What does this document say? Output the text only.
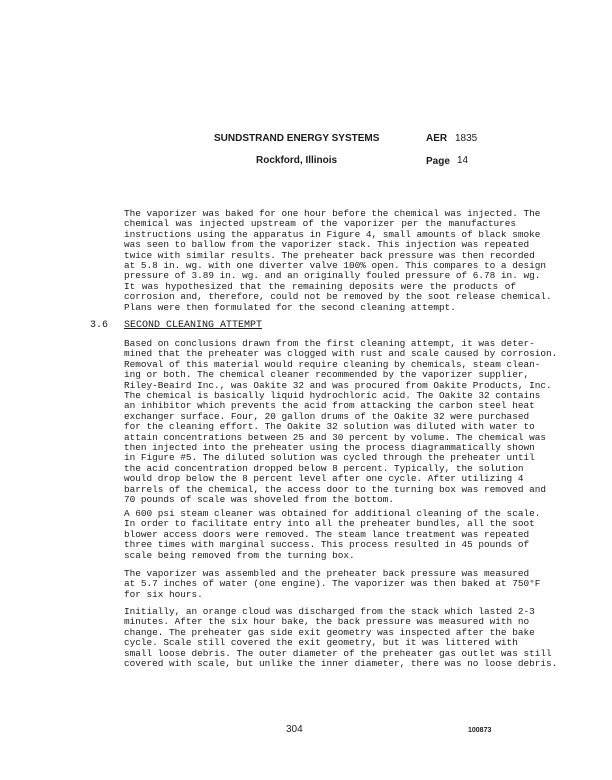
SUNDSTRAND ENERGY SYSTEMS	AER 1835
Rockford, Illinois	Page 14
The vaporizer was baked for one hour before the chemical was injected. The
chemical was injected upstream of the vaporizer per the manufactures
instructions using the apparatus in Figure 4, small amounts of black smoke
was seen to ballow from the vaporizer stack. This injection was repeated
twice with similar results. The preheater back pressure was then recorded
at 5.8 in. wg. with one diverter valve 100% open. This compares to a design
pressure of 3.89 in. wg. and an originally fouled pressure of 6.78 in. wg.
It was hypothesized that the remaining deposits were the products of
corrosion and, therefore, could not be removed by the soot release chemical.
Plans were then formulated for the second cleaning attempt.
3.6 SECOND CLEANING ATTEMPT
Based on conclusions drawn from the first cleaning attempt, it was deter-
mined that the preheater was clogged with rust and scale caused by corrosion.
Removal of this material would require cleaning by chemicals, steam clean-
ing or both. The chemical cleaner recommended by the vaporizer supplier,
Riley-Beaird Inc., was Oakite 32 and was procured from Oakite Products, Inc.
The chemical is basically liquid hydrochloric acid. The Oakite 32 contains
an inhibitor which prevents the acid from attacking the carbon steel heat
exchanger surface. Four, 20 gallon drums of the Oakite 32 were purchased
for the cleaning effort. The Oakite 32 solution was diluted with water to
attain concentrations between 25 and 30 percent by volume. The chemical was
then injected into the preheater using the process diagrammatically shown
in Figure #5. The diluted solution was cycled through the preheater until
the acid concentration dropped below 8 percent. Typically, the solution
would drop below the 8 percent level after one cycle. After utilizing 4
barrels of the chemical, the access door to the turning box was removed and
70 pounds of scale was shoveled from the bottom.
A 600 psi steam cleaner was obtained for additional cleaning of the scale.
In order to facilitate entry into all the preheater bundles, all the soot
blower access doors were removed. The steam lance treatment was repeated
three times with marginal success. This process resulted in 45 pounds of
scale being removed from the turning box.
The vaporizer was assembled and the preheater back pressure was measured
at 5.7 inches of water (one engine). The vaporizer was then baked at 750°F
for six hours.
Initially, an orange cloud was discharged from the stack which lasted 2-3
minutes. After the six hour bake, the back pressure was measured with no
change. The preheater gas side exit geometry was inspected after the bake
cycle. Scale still covered the exit geometry, but it was littered with
small loose debris. The outer diameter of the preheater gas outlet was still
covered with scale, but unlike the inner diameter, there was no loose debris.
304	100873
